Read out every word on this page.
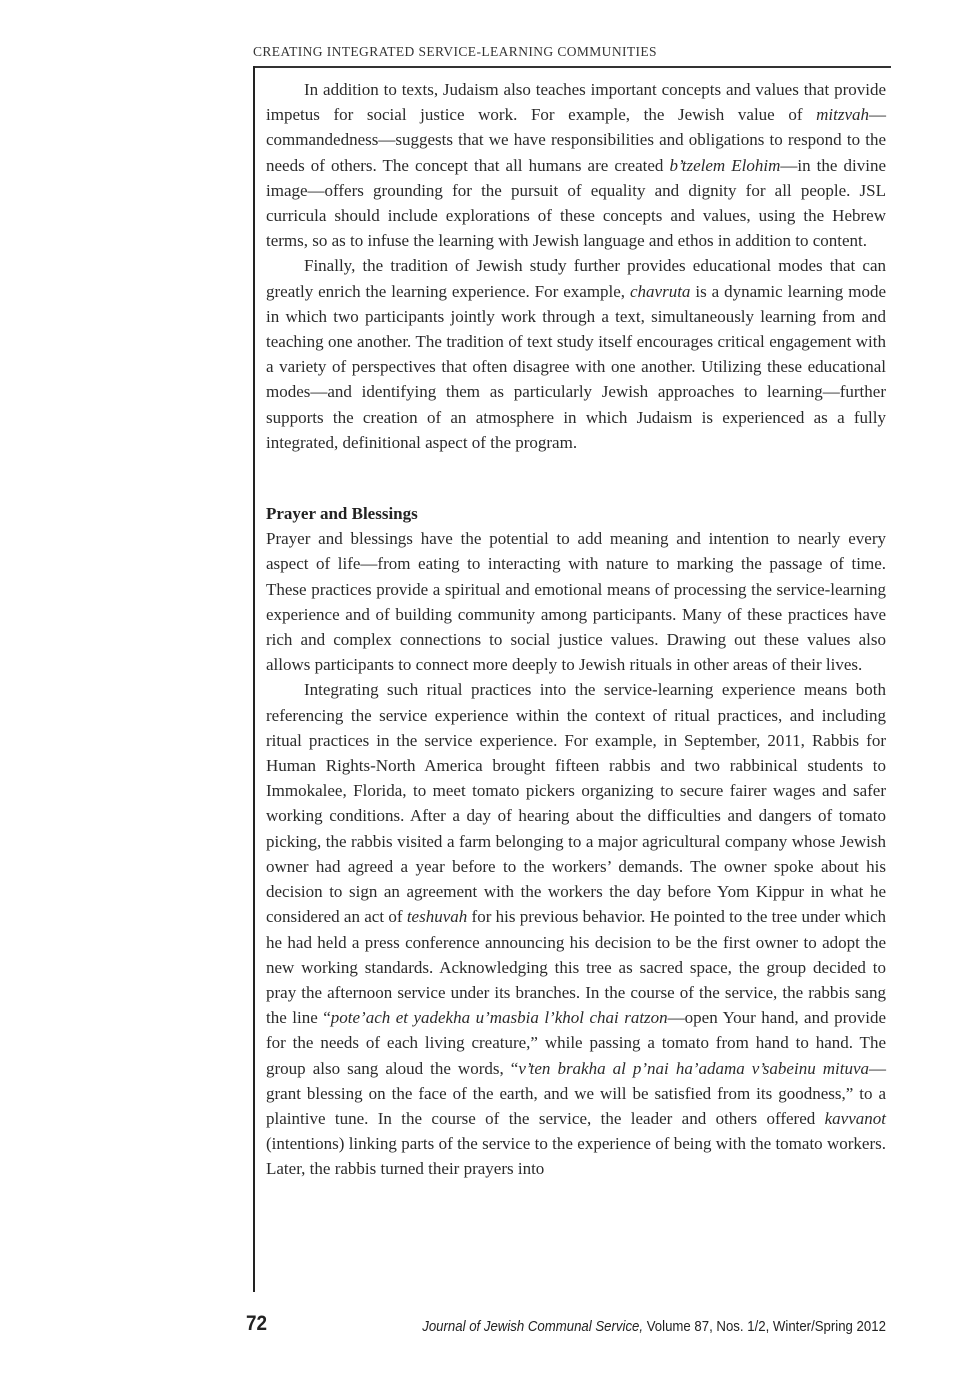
CREATING INTEGRATED SERVICE-LEARNING COMMUNITIES

In addition to texts, Judaism also teaches important concepts and values that provide impetus for social justice work. For example, the Jewish value of mitzvah—commandedness—suggests that we have responsibilities and obligations to respond to the needs of others. The concept that all humans are created b’tzelem Elohim—in the divine image—offers grounding for the pursuit of equality and dignity for all people. JSL curricula should include explorations of these concepts and values, using the Hebrew terms, so as to infuse the learning with Jewish language and ethos in addition to content.

Finally, the tradition of Jewish study further provides educational modes that can greatly enrich the learning experience. For example, chavruta is a dynamic learning mode in which two participants jointly work through a text, simultaneously learning from and teaching one another. The tradition of text study itself encourages critical engagement with a variety of perspectives that often disagree with one another. Utilizing these educational modes—and identifying them as particularly Jewish approaches to learning—further supports the creation of an atmosphere in which Judaism is experienced as a fully integrated, definitional aspect of the program.

Prayer and Blessings

Prayer and blessings have the potential to add meaning and intention to nearly every aspect of life—from eating to interacting with nature to marking the passage of time. These practices provide a spiritual and emotional means of processing the service-learning experience and of building community among participants. Many of these practices have rich and complex connections to social justice values. Drawing out these values also allows participants to connect more deeply to Jewish rituals in other areas of their lives.

Integrating such ritual practices into the service-learning experience means both referencing the service experience within the context of ritual practices, and including ritual practices in the service experience. For example, in September, 2011, Rabbis for Human Rights-North America brought fifteen rabbis and two rabbinical students to Immokalee, Florida, to meet tomato pickers organizing to secure fairer wages and safer working conditions. After a day of hearing about the difficulties and dangers of tomato picking, the rabbis visited a farm belonging to a major agricultural company whose Jewish owner had agreed a year before to the workers’ demands. The owner spoke about his decision to sign an agreement with the workers the day before Yom Kippur in what he considered an act of teshuvah for his previous behavior. He pointed to the tree under which he had held a press conference announcing his decision to be the first owner to adopt the new working standards. Acknowledging this tree as sacred space, the group decided to pray the afternoon service under its branches. In the course of the service, the rabbis sang the line “pote’ach et yadekha u’masbia l’khol chai ratzon—open Your hand, and provide for the needs of each living creature,” while passing a tomato from hand to hand. The group also sang aloud the words, “v’ten brakha al p’nai ha’adama v’sabeinu mituva— grant blessing on the face of the earth, and we will be satisfied from its goodness,” to a plaintive tune. In the course of the service, the leader and others offered kavvanot (intentions) linking parts of the service to the experience of being with the tomato workers. Later, the rabbis turned their prayers into

72	Journal of Jewish Communal Service, Volume 87, Nos. 1/2, Winter/Spring 2012
